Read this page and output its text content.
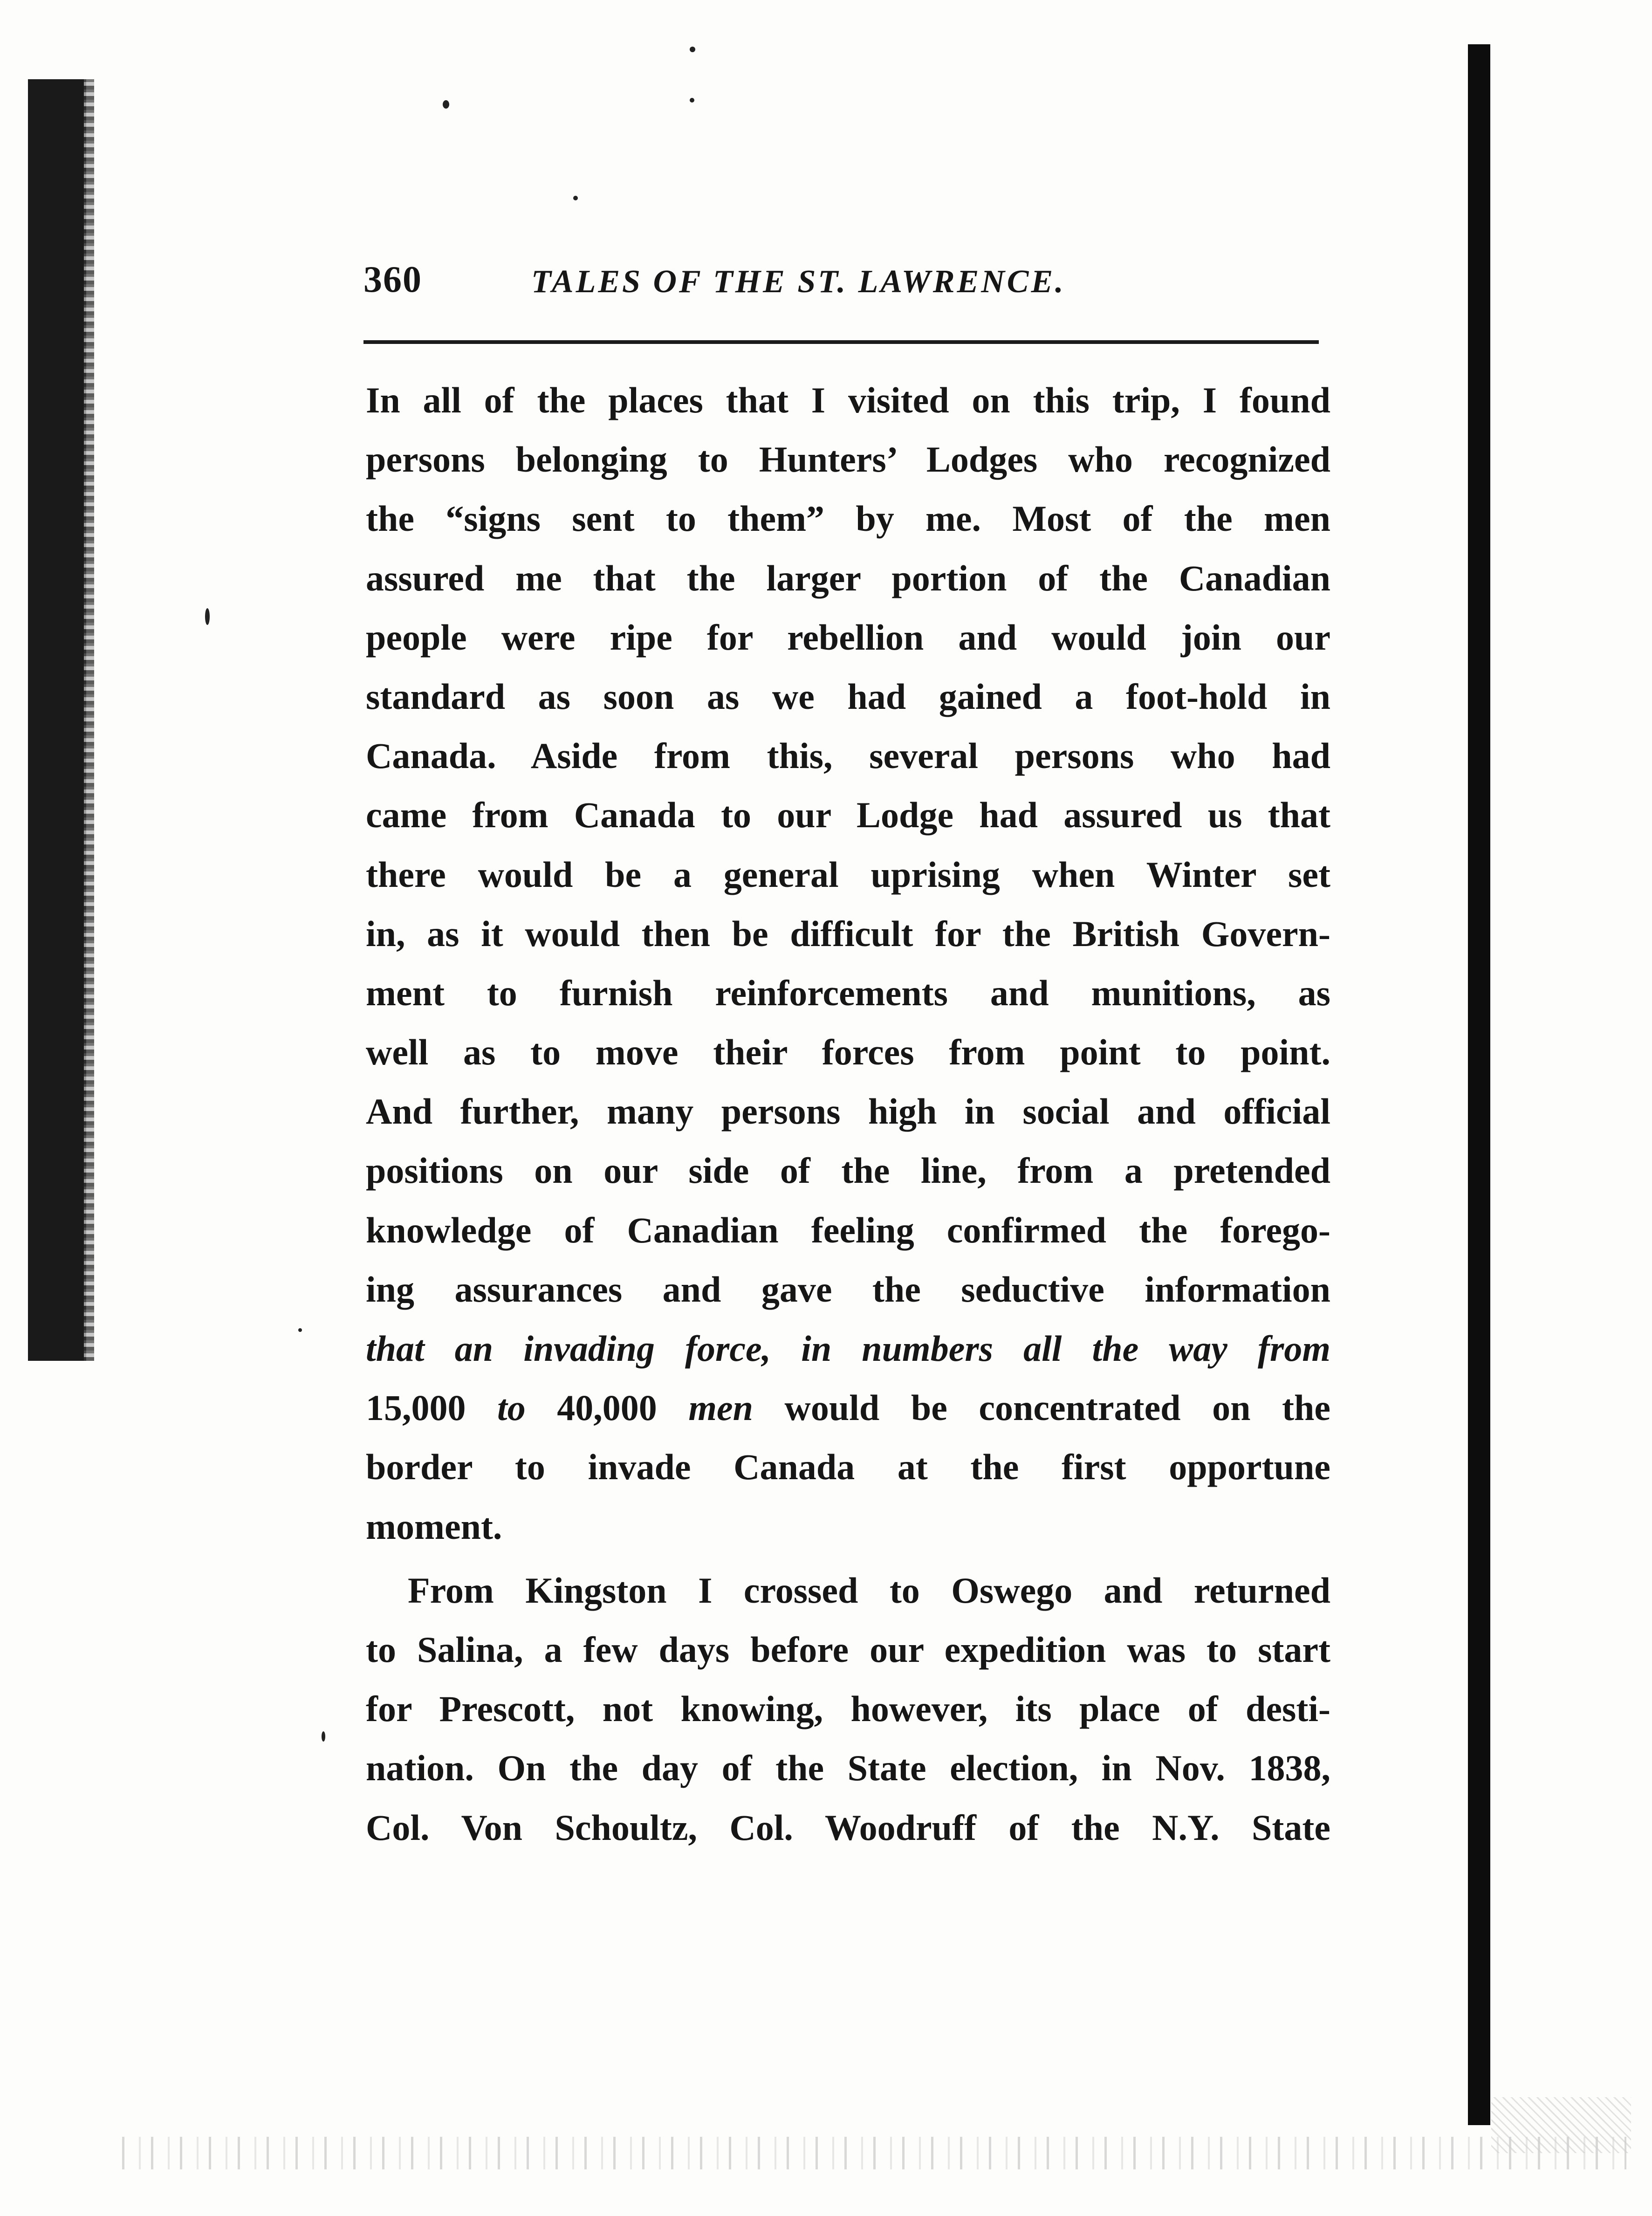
360	TALES OF THE ST. LAWRENCE.
In all of the places that I visited on this trip, I found
persons belonging to Hunters’ Lodges who recognized
the “signs sent to them” by me. Most of the men
assured me that the larger portion of the Canadian
people were ripe for rebellion and would join our
standard as soon as we had gained a foot-hold in
Canada. Aside from this, several persons who had
came from Canada to our Lodge had assured us that
there would be a general uprising when Winter set
in, as it would then be difficult for the British Govern-
ment to furnish reinforcements and munitions, as
well as to move their forces from point to point.
And further, many persons high in social and official
positions on our side of the line, from a pretended
knowledge of Canadian feeling confirmed the forego-
ing assurances and gave the seductive information
that an invading force, in numbers all the way from
15,000 to 40,000 men would be concentrated on the
border to invade Canada at the first opportune
moment.
From Kingston I crossed to Oswego and returned
to Salina, a few days before our expedition was to start
for Prescott, not knowing, however, its place of desti-
nation. On the day of the State election, in Nov. 1838,
Col. Von Schoultz, Col. Woodruff of the N.Y. State
